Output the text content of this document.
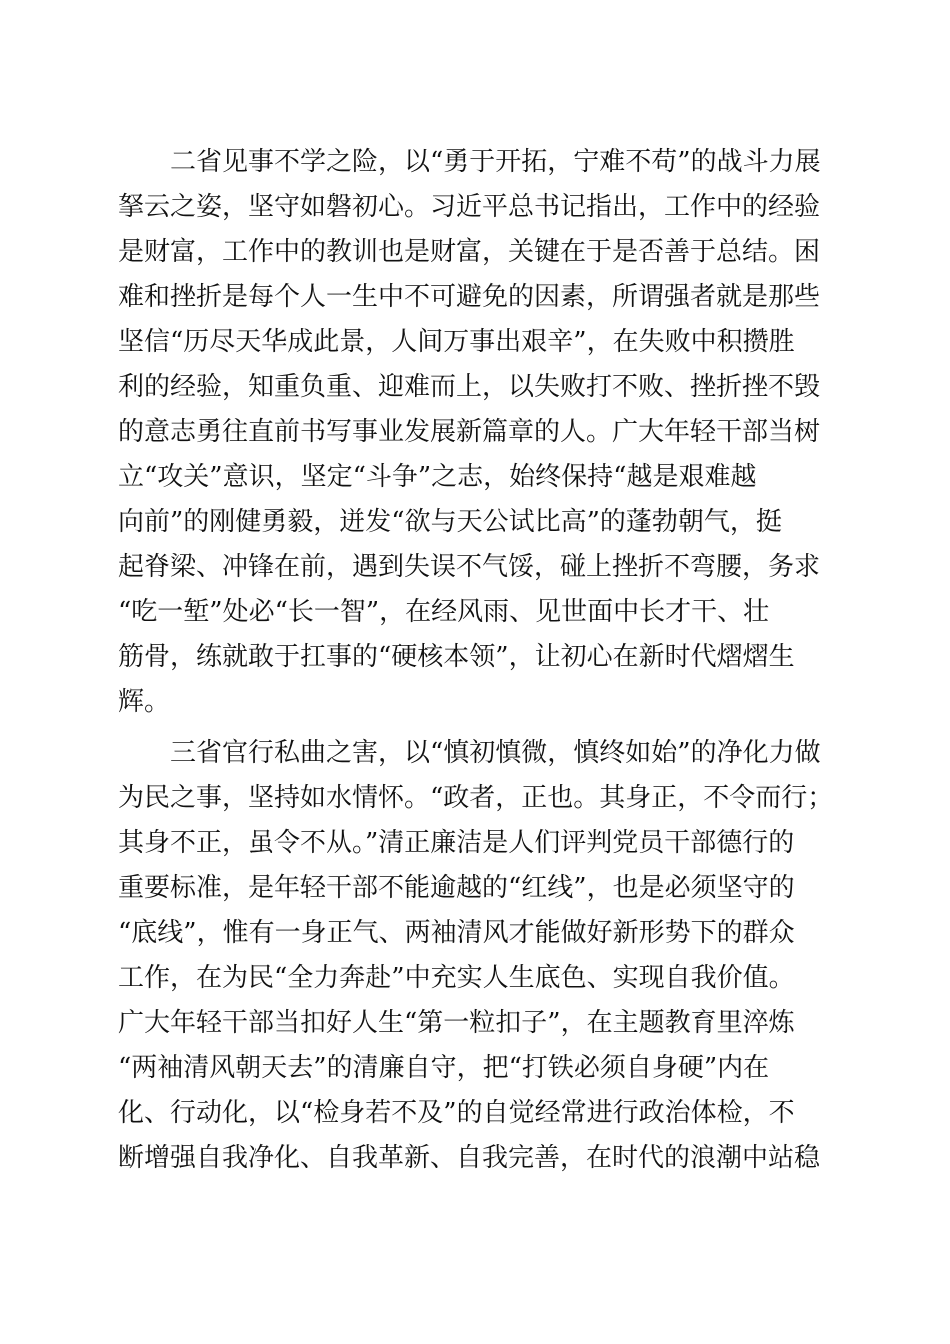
　　二省见事不学之险，以“勇于开拓，宁难不苟”的战斗力展
拏云之姿，坚守如磐初心。习近平总书记指出，工作中的经验
是财富，工作中的教训也是财富，关键在于是否善于总结。困
难和挫折是每个人一生中不可避免的因素，所谓强者就是那些
坚信“历尽天华成此景，人间万事出艰辛”，在失败中积攒胜
利的经验，知重负重、迎难而上，以失败打不败、挫折挫不毁
的意志勇往直前书写事业发展新篇章的人。广大年轻干部当树
立“攻关”意识，坚定“斗争”之志，始终保持“越是艰难越
向前”的刚健勇毅，迸发“欲与天公试比高”的蓬勃朝气，挺
起脊梁、冲锋在前，遇到失误不气馁，碰上挫折不弯腰，务求
“吃一堑”处必“长一智”，在经风雨、见世面中长才干、壮
筋骨，练就敢于扛事的“硬核本领”，让初心在新时代熠熠生
辉。
　　三省官行私曲之害，以“慎初慎微，慎终如始”的净化力做
为民之事，坚持如水情怀。“政者，正也。其身正，不令而行；
其身不正，虽令不从。”清正廉洁是人们评判党员干部德行的
重要标准，是年轻干部不能逾越的“红线”，也是必须坚守的
“底线”，惟有一身正气、两袖清风才能做好新形势下的群众
工作，在为民“全力奔赴”中充实人生底色、实现自我价值。
广大年轻干部当扣好人生“第一粒扣子”，在主题教育里淬炼
“两袖清风朝天去”的清廉自守，把“打铁必须自身硬”内在
化、行动化，以“检身若不及”的自觉经常进行政治体检，不
断增强自我净化、自我革新、自我完善，在时代的浪潮中站稳
